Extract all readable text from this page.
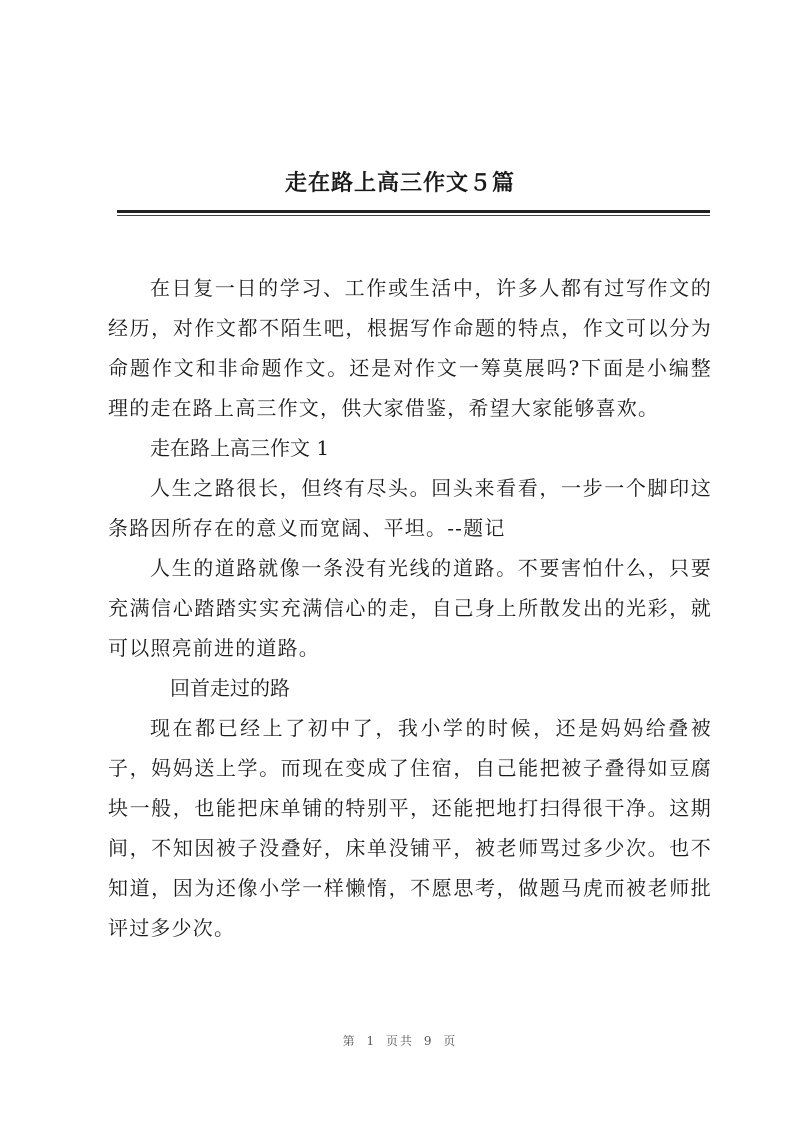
走在路上高三作文５篇

在日复一日的学习、工作或生活中，许多人都有过写作文的经历，对作文都不陌生吧，根据写作命题的特点，作文可以分为命题作文和非命题作文。还是对作文一筹莫展吗?下面是小编整理的走在路上高三作文，供大家借鉴，希望大家能够喜欢。

走在路上高三作文 1

人生之路很长，但终有尽头。回头来看看，一步一个脚印这条路因所存在的意义而宽阔、平坦。--题记

人生的道路就像一条没有光线的道路。不要害怕什么，只要充满信心踏踏实实充满信心的走，自己身上所散发出的光彩，就可以照亮前进的道路。

回首走过的路

现在都已经上了初中了，我小学的时候，还是妈妈给叠被子，妈妈送上学。而现在变成了住宿，自己能把被子叠得如豆腐块一般，也能把床单铺的特别平，还能把地打扫得很干净。这期间，不知因被子没叠好，床单没铺平，被老师骂过多少次。也不知道，因为还像小学一样懒惰，不愿思考，做题马虎而被老师批评过多少次。

第 1 页共 9 页
